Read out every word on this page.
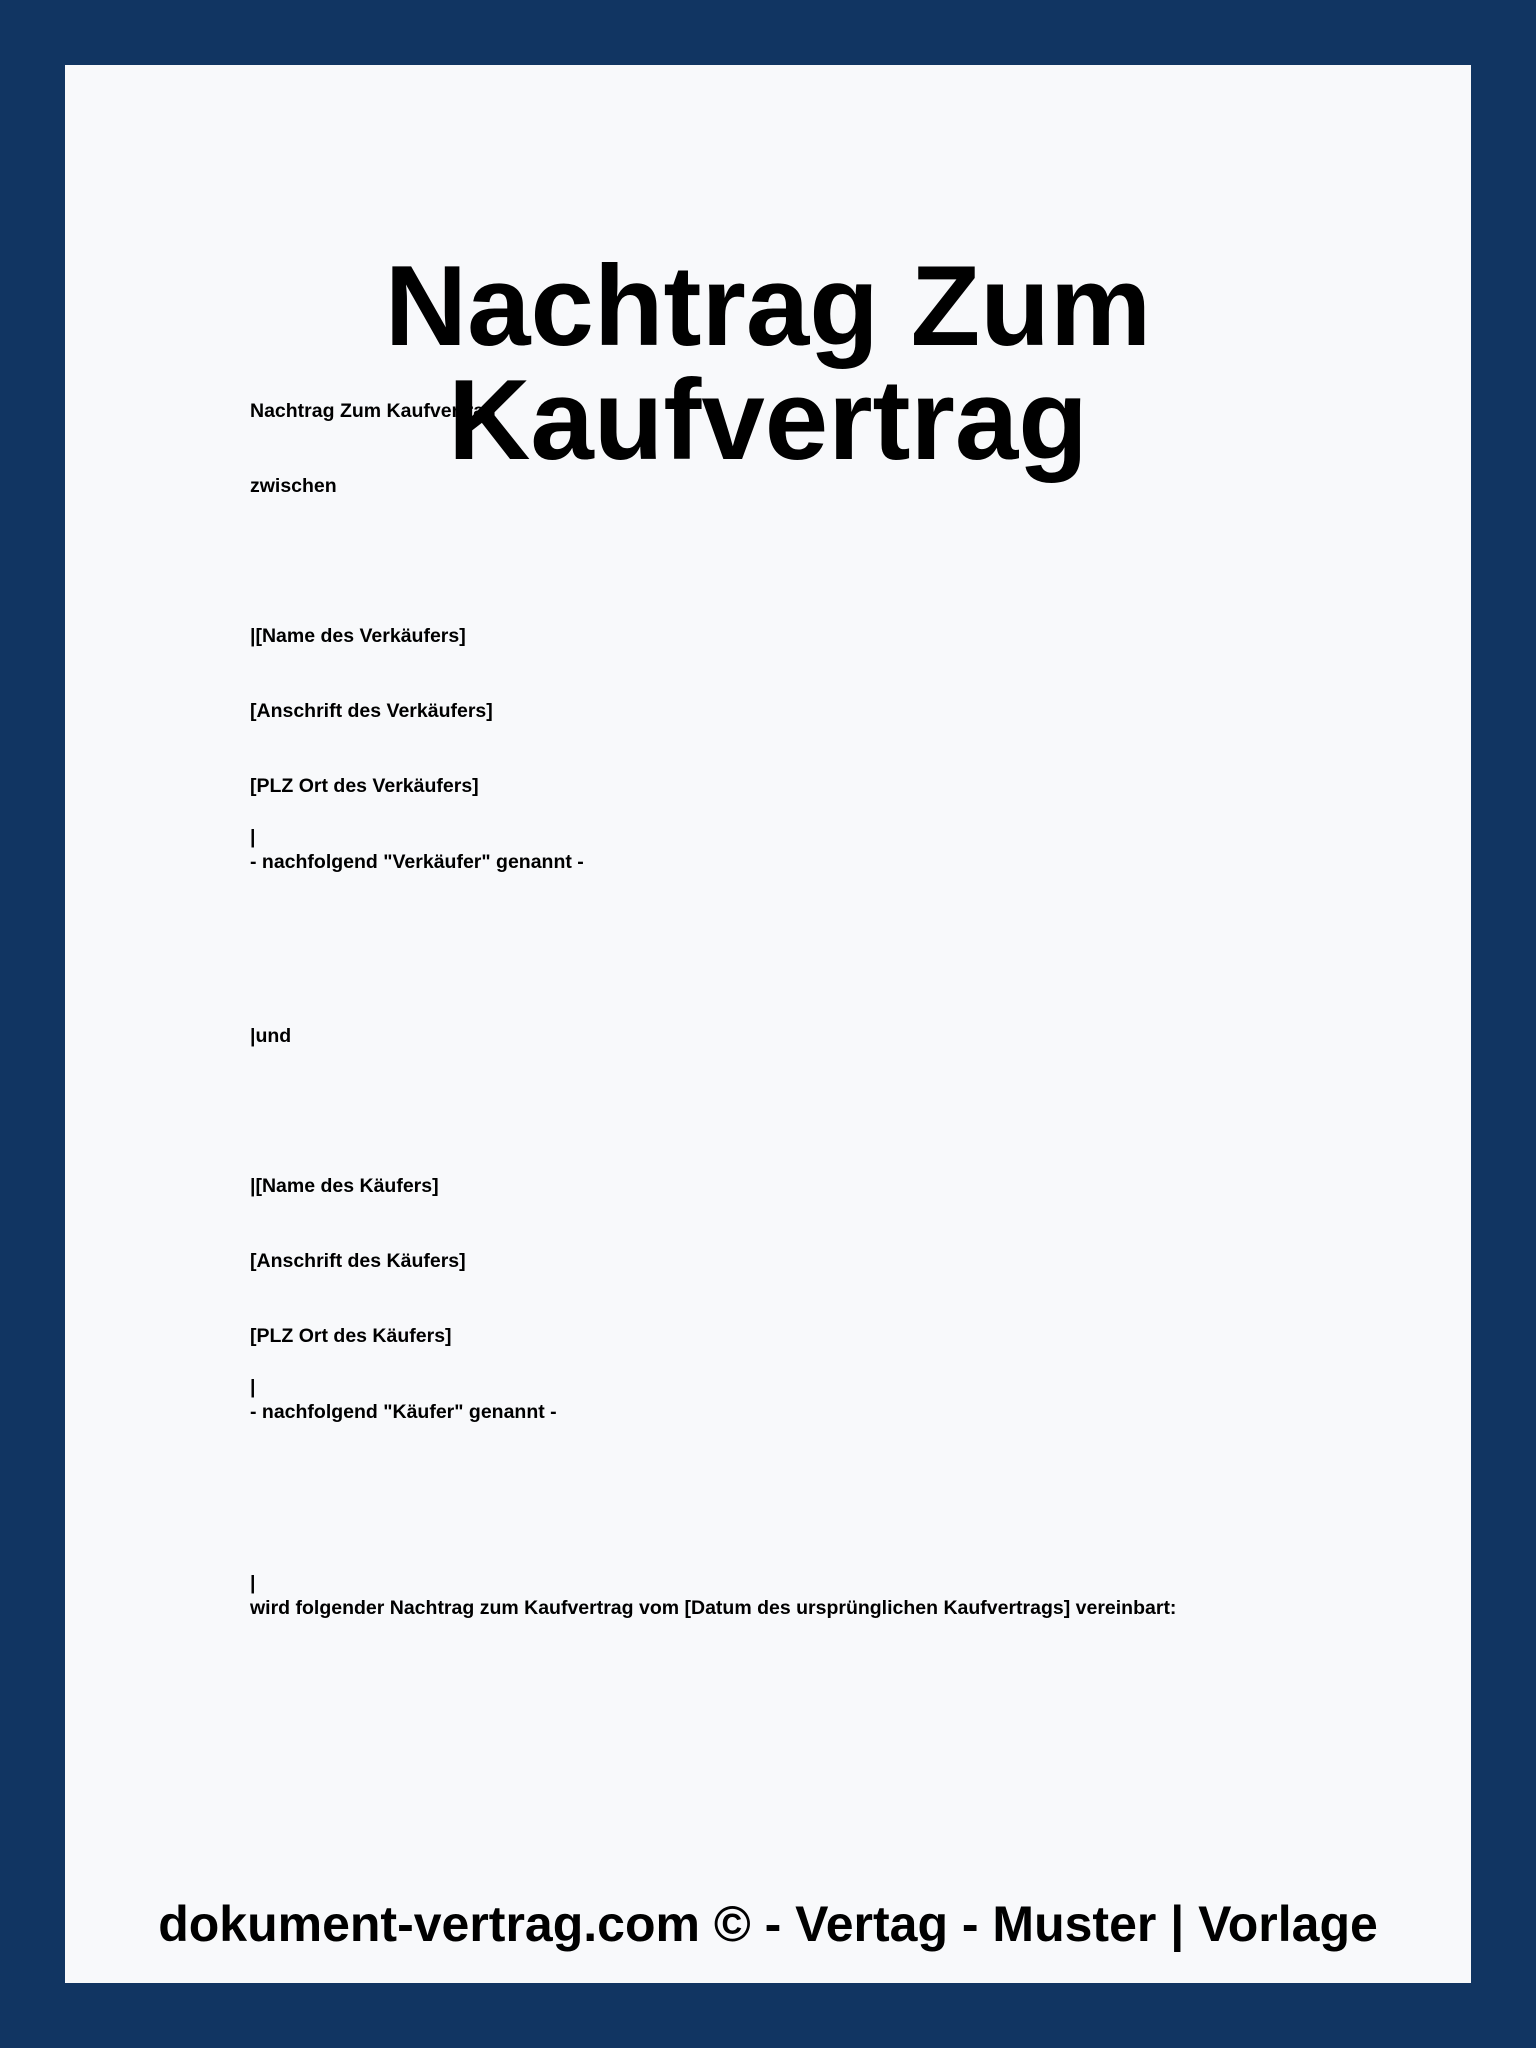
Nachtrag Zum Kaufvertrag

Nachtrag Zum Kaufvertrag

zwischen

|[Name des Verkäufers]

[Anschrift des Verkäufers]

[PLZ Ort des Verkäufers]

|

- nachfolgend "Verkäufer" genannt -

|und

|[Name des Käufers]

[Anschrift des Käufers]

[PLZ Ort des Käufers]

|

- nachfolgend "Käufer" genannt -

|

wird folgender Nachtrag zum Kaufvertrag vom [Datum des ursprünglichen Kaufvertrags] vereinbart:

dokument-vertrag.com © - Vertag - Muster | Vorlage
